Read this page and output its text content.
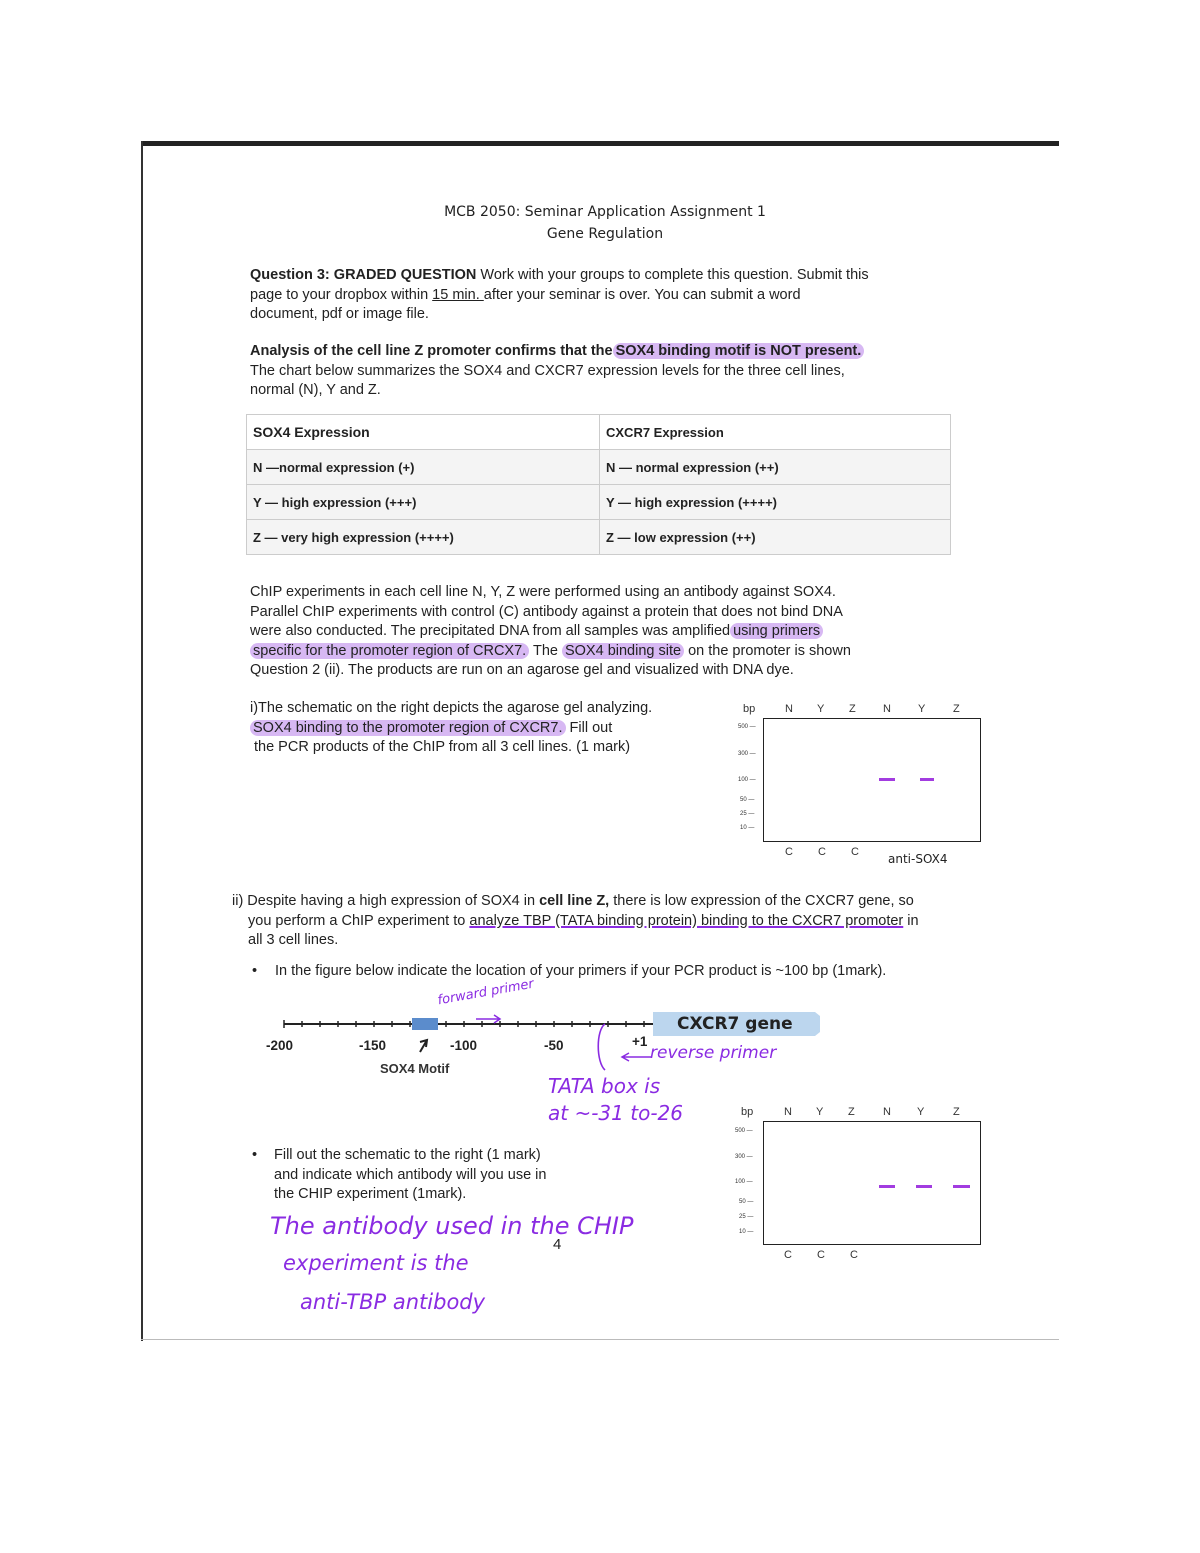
MCB 2050: Seminar Application Assignment 1
Gene Regulation
Question 3: GRADED QUESTION Work with your groups to complete this question. Submit this
page to your dropbox within 15 min. after your seminar is over. You can submit a word
document, pdf or image file.
Analysis of the cell line Z promoter confirms that the SOX4 binding motif is NOT present.
The chart below summarizes the SOX4 and CXCR7 expression levels for the three cell lines,
normal (N), Y and Z.
SOX4 Expression	CXCR7 Expression
N —normal expression (+)	N — normal expression (++)
Y — high expression (+++)	Y — high expression (++++)
Z — very high expression (++++)	Z — low expression (++)
ChIP experiments in each cell line N, Y, Z were performed using an antibody against SOX4.
Parallel ChIP experiments with control (C) antibody against a protein that does not bind DNA
were also conducted. The precipitated DNA from all samples was amplified using primers
specific for the promoter region of CRCX7. The SOX4 binding site on the promoter is shown
Question 2 (ii). The products are run on an agarose gel and visualized with DNA dye.
i)The schematic on the right depicts the agarose gel analyzing.
SOX4 binding to the promoter region of CXCR7. Fill out
the PCR products of the ChIP from all 3 cell lines. (1 mark)
bp	N Y Z N Y	Z
500 —
300 —
100 —
50 —
25 —
10 —
C C C anti-SOX4
ii) Despite having a high expression of SOX4 in cell line Z, there is low expression of the CXCR7 gene, so
you perform a ChIP experiment to analyze TBP (TATA binding protein) binding to the CXCR7 promoter in
all 3 cell lines.
• In the figure below indicate the location of your primers if your PCR product is ~100 bp (1mark).
-200	-150	-100	-50	+1
SOX4 Motif
CXCR7 gene
forward primer
reverse primer
TATA box is
at ~-31 to-26
• Fill out the schematic to the right (1 mark)
and indicate which antibody will you use in
the CHIP experiment (1mark).
The antibody used in the CHIP
experiment is the
anti-TBP antibody
4
bp	N Y Z	N Y	Z
500 —
300 —
100 —
50 —
25 —
10 —
C C C
